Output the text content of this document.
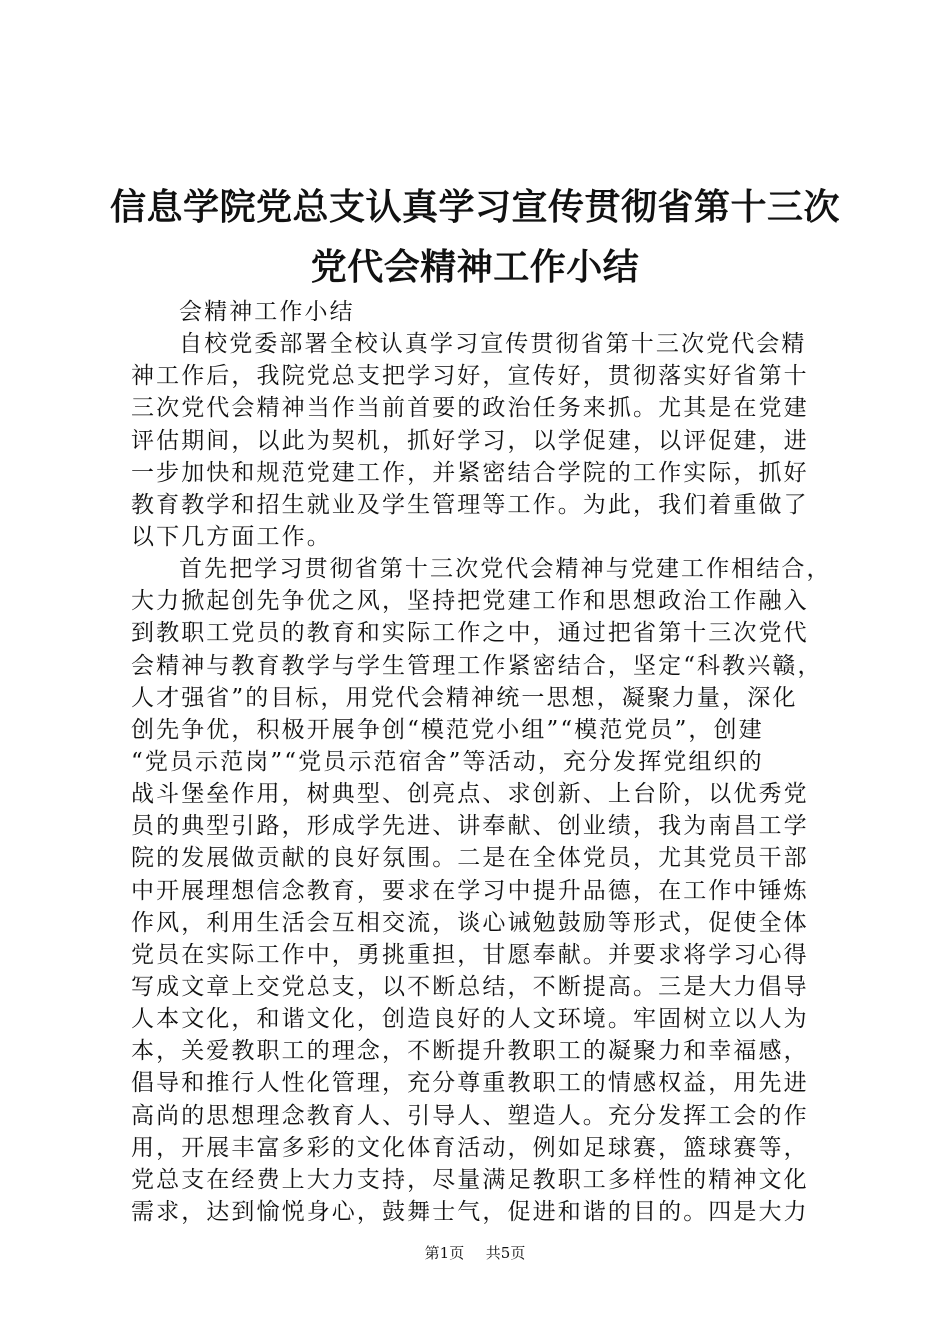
信息学院党总支认真学习宣传贯彻省第十三次
党代会精神工作小结
会精神工作小结
自校党委部署全校认真学习宣传贯彻省第十三次党代会精
神工作后，我院党总支把学习好，宣传好，贯彻落实好省第十
三次党代会精神当作当前首要的政治任务来抓。尤其是在党建
评估期间，以此为契机，抓好学习，以学促建，以评促建，进
一步加快和规范党建工作，并紧密结合学院的工作实际，抓好
教育教学和招生就业及学生管理等工作。为此，我们着重做了
以下几方面工作。
首先把学习贯彻省第十三次党代会精神与党建工作相结合，
大力掀起创先争优之风，坚持把党建工作和思想政治工作融入
到教职工党员的教育和实际工作之中，通过把省第十三次党代
会精神与教育教学与学生管理工作紧密结合，坚定“科教兴赣，
人才强省”的目标，用党代会精神统一思想，凝聚力量，深化
创先争优，积极开展争创“模范党小组”“模范党员”，创建
“党员示范岗”“党员示范宿舍”等活动，充分发挥党组织的
战斗堡垒作用，树典型、创亮点、求创新、上台阶，以优秀党
员的典型引路，形成学先进、讲奉献、创业绩，我为南昌工学
院的发展做贡献的良好氛围。二是在全体党员，尤其党员干部
中开展理想信念教育，要求在学习中提升品德，在工作中锤炼
作风，利用生活会互相交流，谈心诫勉鼓励等形式，促使全体
党员在实际工作中，勇挑重担，甘愿奉献。并要求将学习心得
写成文章上交党总支，以不断总结，不断提高。三是大力倡导
人本文化，和谐文化，创造良好的人文环境。牢固树立以人为
本，关爱教职工的理念，不断提升教职工的凝聚力和幸福感，
倡导和推行人性化管理，充分尊重教职工的情感权益，用先进
高尚的思想理念教育人、引导人、塑造人。充分发挥工会的作
用，开展丰富多彩的文化体育活动，例如足球赛，篮球赛等，
党总支在经费上大力支持，尽量满足教职工多样性的精神文化
需求，达到愉悦身心，鼓舞士气，促进和谐的目的。四是大力
第1页 共5页
